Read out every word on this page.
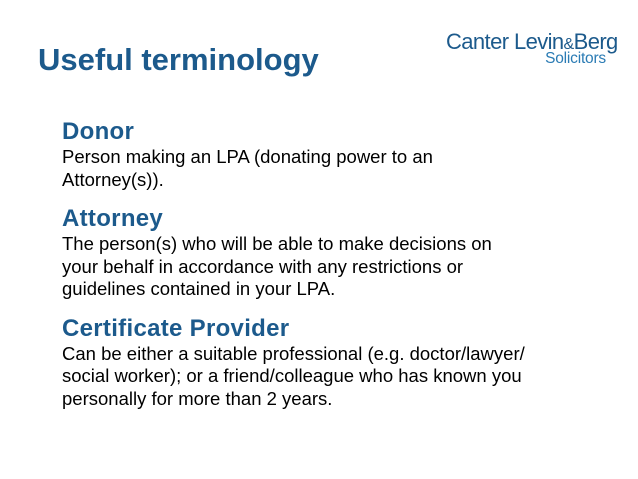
Useful terminology
Canter Levin&Berg
Solicitors
Donor

Person making an LPA (donating power to an
Attorney(s)).

Attorney

The person(s) who will be able to make decisions on
your behalf in accordance with any restrictions or
guidelines contained in your LPA.

Certificate Provider

Can be either a suitable professional (e.g. doctor/lawyer/
social worker); or a friend/colleague who has known you
personally for more than 2 years.
